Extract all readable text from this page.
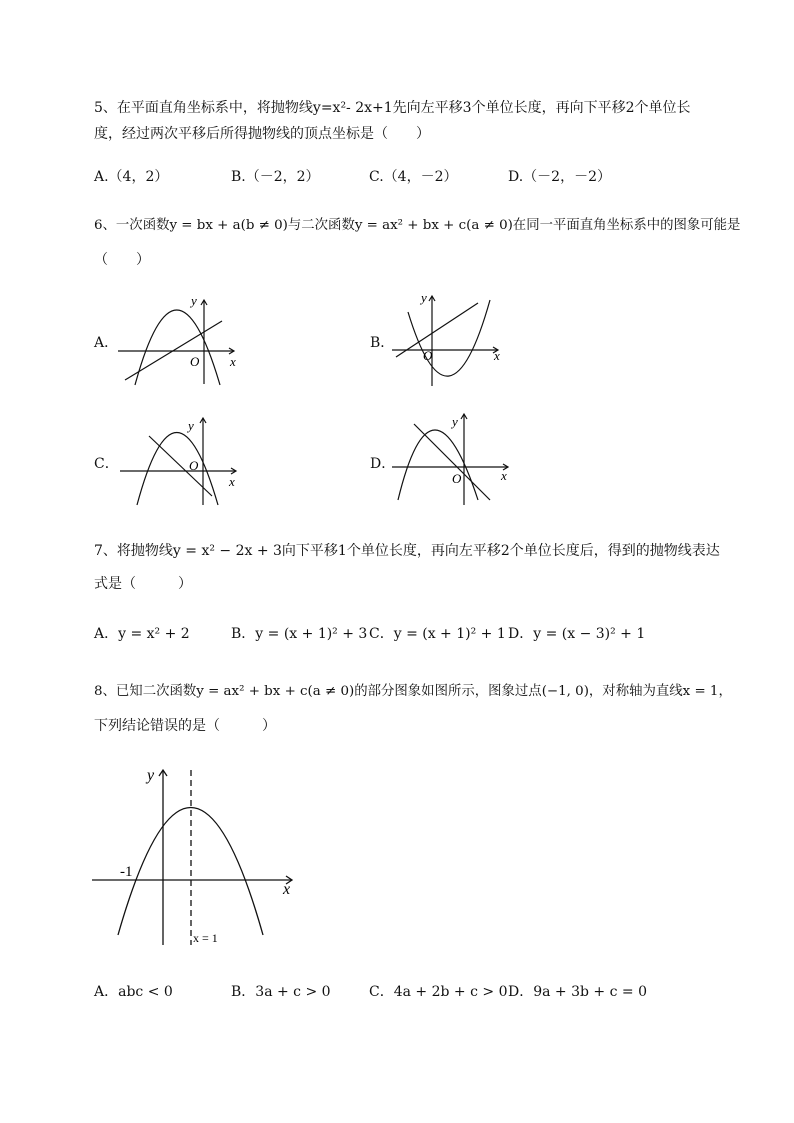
5、在平面直角坐标系中，将抛物线y=x²- 2x+1先向左平移3个单位长度，再向下平移2个单位长
度，经过两次平移后所得抛物线的顶点坐标是（　　）
A.（4，2）	B.（－2，2）	C.（4，－2）	D.（－2，－2）
6、一次函数y = bx + a(b ≠ 0)与二次函数y = ax² + bx + c(a ≠ 0)在同一平面直角坐标系中的图象可能是
（　　）
A．	B．
C．	D．
y
x
O
y
x
O
y
x
O
y
x
O
7、将抛物线y = x² − 2x + 3向下平移1个单位长度，再向左平移2个单位长度后，得到的抛物线表达
式是（　　　）
A．y = x² + 2	B．y = (x + 1)² + 3 C．y = (x + 1)² + 1 D．y = (x − 3)² + 1
8、已知二次函数y = ax² + bx + c(a ≠ 0)的部分图象如图所示，图象过点(−1, 0)，对称轴为直线x = 1，
下列结论错误的是（　　　）
y
x
-1
x = 1
A．abc < 0	B．3a + c > 0	C．4a + 2b + c > 0 D．9a + 3b + c = 0
